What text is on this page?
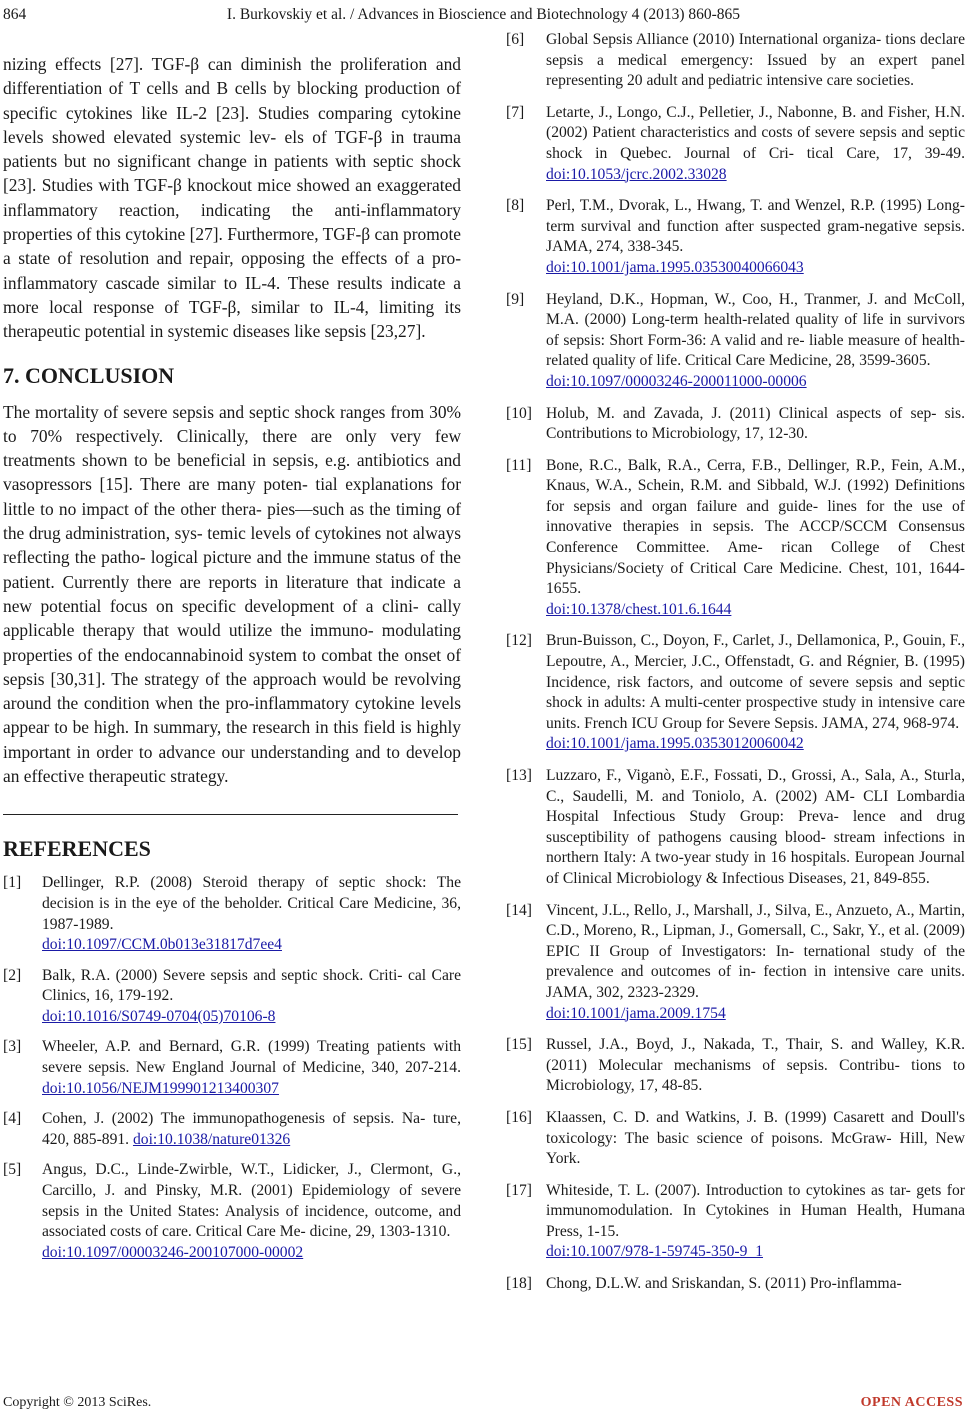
864	I. Burkovskiy et al. / Advances in Bioscience and Biotechnology 4 (2013) 860-865

nizing effects [27]. TGF-β can diminish the proliferation and differentiation of T cells and B cells by blocking production of specific cytokines like IL-2 [23]. Studies comparing cytokine levels showed elevated systemic lev- els of TGF-β in trauma patients but no significant change in patients with septic shock [23]. Studies with TGF-β knockout mice showed an exaggerated inflammatory reaction, indicating the anti-inflammatory properties of this cytokine [27]. Furthermore, TGF-β can promote a state of resolution and repair, opposing the effects of a pro-inflammatory cascade similar to IL-4. These results indicate a more local response of TGF-β, similar to IL-4, limiting its therapeutic potential in systemic diseases like sepsis [23,27].

7. CONCLUSION

The mortality of severe sepsis and septic shock ranges from 30% to 70% respectively. Clinically, there are only very few treatments shown to be beneficial in sepsis, e.g. antibiotics and vasopressors [15]. There are many poten- tial explanations for little to no impact of the other thera- pies—such as the timing of the drug administration, sys- temic levels of cytokines not always reflecting the patho- logical picture and the immune status of the patient. Currently there are reports in literature that indicate a new potential focus on specific development of a clini- cally applicable therapy that would utilize the immuno- modulating properties of the endocannabinoid system to combat the onset of sepsis [30,31]. The strategy of the approach would be revolving around the condition when the pro-inflammatory cytokine levels appear to be high. In summary, the research in this field is highly important in order to advance our understanding and to develop an effective therapeutic strategy.

REFERENCES
[1] Dellinger, R.P. (2008) Steroid therapy of septic shock: The decision is in the eye of the beholder. Critical Care Medicine, 36, 1987-1989.
doi:10.1097/CCM.0b013e31817d7ee4
[2] Balk, R.A. (2000) Severe sepsis and septic shock. Criti- cal Care Clinics, 16, 179-192.
doi:10.1016/S0749-0704(05)70106-8
[3] Wheeler, A.P. and Bernard, G.R. (1999) Treating patients with severe sepsis. New England Journal of Medicine, 340, 207-214. doi:10.1056/NEJM199901213400307
[4] Cohen, J. (2002) The immunopathogenesis of sepsis. Na- ture, 420, 885-891. doi:10.1038/nature01326
[5] Angus, D.C., Linde-Zwirble, W.T., Lidicker, J., Clermont, G., Carcillo, J. and Pinsky, M.R. (2001) Epidemiology of severe sepsis in the United States: Analysis of incidence, outcome, and associated costs of care. Critical Care Me- dicine, 29, 1303-1310.
doi:10.1097/00003246-200107000-00002
[6] Global Sepsis Alliance (2010) International organiza- tions declare sepsis a medical emergency: Issued by an expert panel representing 20 adult and pediatric intensive care societies.
[7] Letarte, J., Longo, C.J., Pelletier, J., Nabonne, B. and Fisher, H.N. (2002) Patient characteristics and costs of severe sepsis and septic shock in Quebec. Journal of Cri- tical Care, 17, 39-49. doi:10.1053/jcrc.2002.33028
[8] Perl, T.M., Dvorak, L., Hwang, T. and Wenzel, R.P. (1995) Long-term survival and function after suspected gram-negative sepsis. JAMA, 274, 338-345.
doi:10.1001/jama.1995.03530040066043
[9] Heyland, D.K., Hopman, W., Coo, H., Tranmer, J. and McColl, M.A. (2000) Long-term health-related quality of life in survivors of sepsis: Short Form-36: A valid and re- liable measure of health-related quality of life. Critical Care Medicine, 28, 3599-3605.
doi:10.1097/00003246-200011000-00006
[10] Holub, M. and Zavada, J. (2011) Clinical aspects of sep- sis. Contributions to Microbiology, 17, 12-30.
[11] Bone, R.C., Balk, R.A., Cerra, F.B., Dellinger, R.P., Fein, A.M., Knaus, W.A., Schein, R.M. and Sibbald, W.J. (1992) Definitions for sepsis and organ failure and guide- lines for the use of innovative therapies in sepsis. The ACCP/SCCM Consensus Conference Committee. Ame- rican College of Chest Physicians/Society of Critical Care Medicine. Chest, 101, 1644-1655.
doi:10.1378/chest.101.6.1644
[12] Brun-Buisson, C., Doyon, F., Carlet, J., Dellamonica, P., Gouin, F., Lepoutre, A., Mercier, J.C., Offenstadt, G. and Régnier, B. (1995) Incidence, risk factors, and outcome of severe sepsis and septic shock in adults: A multi-center prospective study in intensive care units. French ICU Group for Severe Sepsis. JAMA, 274, 968-974.
doi:10.1001/jama.1995.03530120060042
[13] Luzzaro, F., Viganò, E.F., Fossati, D., Grossi, A., Sala, A., Sturla, C., Saudelli, M. and Toniolo, A. (2002) AM- CLI Lombardia Hospital Infectious Study Group: Preva- lence and drug susceptibility of pathogens causing blood- stream infections in northern Italy: A two-year study in 16 hospitals. European Journal of Clinical Microbiology & Infectious Diseases, 21, 849-855.
[14] Vincent, J.L., Rello, J., Marshall, J., Silva, E., Anzueto, A., Martin, C.D., Moreno, R., Lipman, J., Gomersall, C., Sakr, Y., et al. (2009) EPIC II Group of Investigators: In- ternational study of the prevalence and outcomes of in- fection in intensive care units. JAMA, 302, 2323-2329.
doi:10.1001/jama.2009.1754
[15] Russel, J.A., Boyd, J., Nakada, T., Thair, S. and Walley, K.R. (2011) Molecular mechanisms of sepsis. Contribu- tions to Microbiology, 17, 48-85.
[16] Klaassen, C. D. and Watkins, J. B. (1999) Casarett and Doull's toxicology: The basic science of poisons. McGraw- Hill, New York.
[17] Whiteside, T. L. (2007). Introduction to cytokines as tar- gets for immunomodulation. In Cytokines in Human Health, Humana Press, 1-15.
doi:10.1007/978-1-59745-350-9_1
[18] Chong, D.L.W. and Sriskandan, S. (2011) Pro-inflamma-
Copyright © 2013 SciRes.	OPEN ACCESS
